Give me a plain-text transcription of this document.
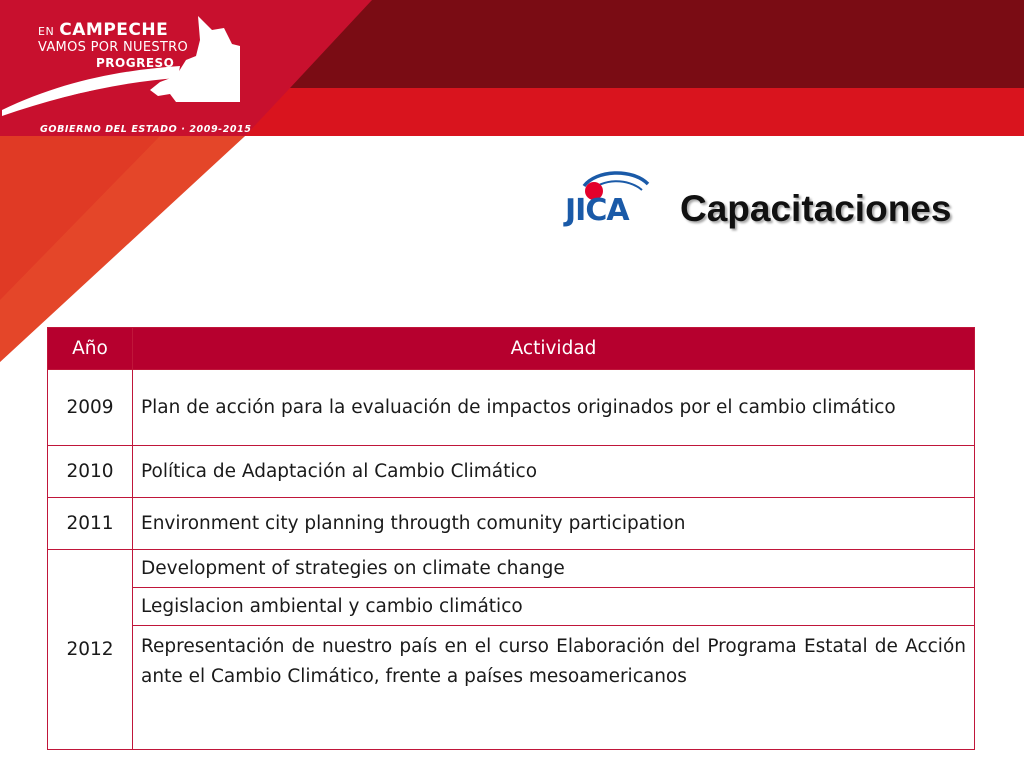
EN CAMPECHE
VAMOS POR NUESTRO
PROGRESO
GOBIERNO DEL ESTADO · 2009-2015
JICA Capacitaciones
Año	Actividad
2009	Plan de acción para la evaluación de impactos originados por el cambio climático
2010	Política de Adaptación al Cambio Climático
2011	Environment city planning througth comunity participation
2012	Development of strategies on climate change
	Legislacion ambiental y cambio climático
	Representación de nuestro país en el curso Elaboración del Programa Estatal de Acción ante el Cambio Climático, frente a países mesoamericanos
